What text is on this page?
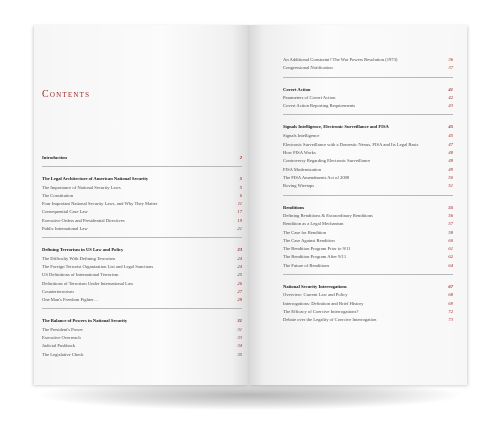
Contents
Introduction	2
The Legal Architecture of American National Security	5
The Importance of National Security Laws	5
The Constitution	6
Four Important National Security Laws, and Why They Matter	11
Consequential Case Law	17
Executive Orders and Presidential Directives	19
Public International Law	21
Defining Terrorism in US Law and Policy	23
The Difficulty With Defining Terrorism	24
The Foreign Terrorist Organization List and Legal Sanctions	24
US Definitions of International Terrorism	25
Definitions of Terrorism Under International Law	26
Counterterrorism	27
One Man's Freedom Fighter…	28
The Balance of Powers in National Security	31
The President's Power	31
Executive Overreach	33
Judicial Pushback	34
The Legislative Check	35
An Additional Constraint? The War Powers Resolution (1973)	36
Congressional Notification	37
Covert Action	41
Parameters of Covert Action	42
Covert Action Reporting Requirements	43
Signals Intelligence, Electronic Surveillance and FISA	45
Signals Intelligence	45
Electronic Surveillance with a Domestic Nexus, FISA and Its Legal Basis	47
How FISA Works	48
Controversy Regarding Electronic Surveillance	48
FISA Modernization	49
The FISA Amendments Act of 2008	50
Roving Wiretaps	51
Renditions	55
Defining Renditions & Extraordinary Renditions	56
Rendition as a Legal Mechanism	57
The Case for Rendition	58
The Case Against Rendition	60
The Rendition Program Prior to 9/11	61
The Rendition Program After 9/11	62
The Future of Renditions	64
National Security Interrogations	67
Overview: Current Law and Policy	68
Interrogations: Definition and Brief History	69
The Efficacy of Coercive Interrogations?	72
Debate over the Legality of Coercive Interrogation	73
